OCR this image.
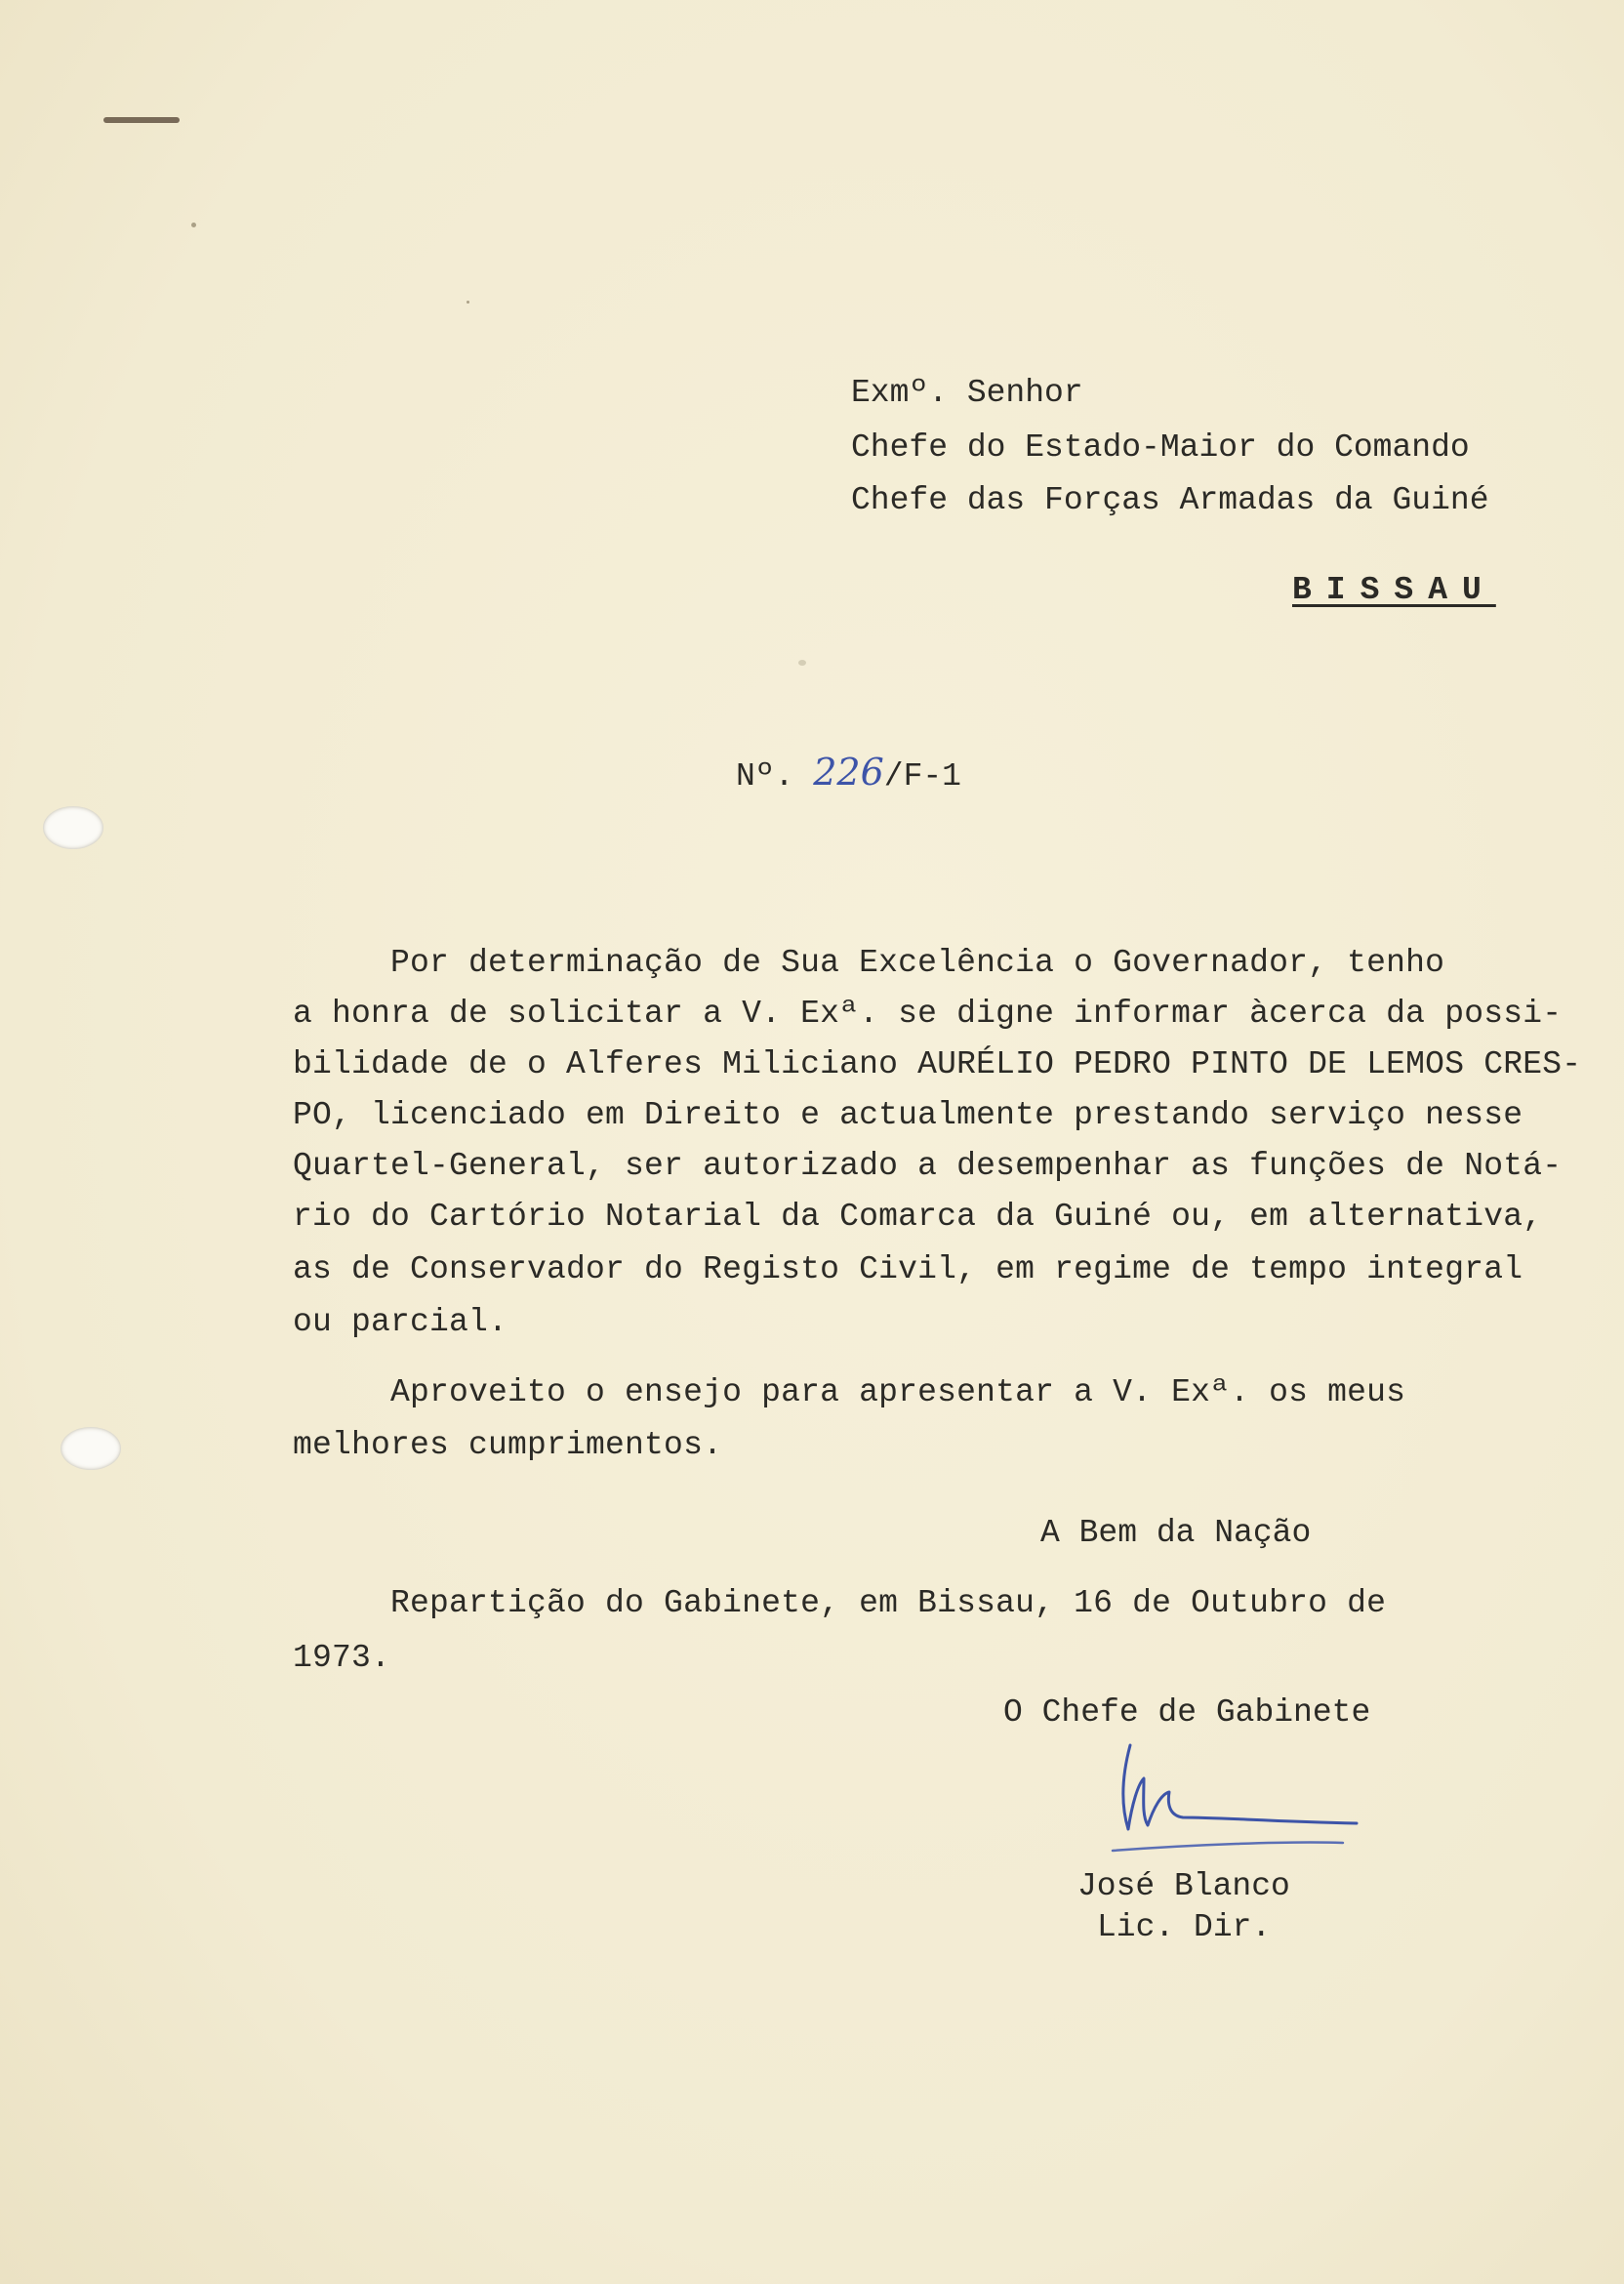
Exmº. Senhor
Chefe do Estado-Maior do Comando
Chefe das Forças Armadas da Guiné
BISSAU
Nº. 226/F-1
Por determinação de Sua Excelência o Governador, tenho
a honra de solicitar a V. Exª. se digne informar àcerca da possi-
bilidade de o Alferes Miliciano AURÉLIO PEDRO PINTO DE LEMOS CRES-
PO, licenciado em Direito e actualmente prestando serviço nesse
Quartel-General, ser autorizado a desempenhar as funções de Notá-
rio do Cartório Notarial da Comarca da Guiné ou, em alternativa,
as de Conservador do Registo Civil, em regime de tempo integral
ou parcial.
Aproveito o ensejo para apresentar a V. Exª. os meus
melhores cumprimentos.
A Bem da Nação
Repartição do Gabinete, em Bissau, 16 de Outubro de
1973.
O Chefe de Gabinete
José Blanco
Lic. Dir.
